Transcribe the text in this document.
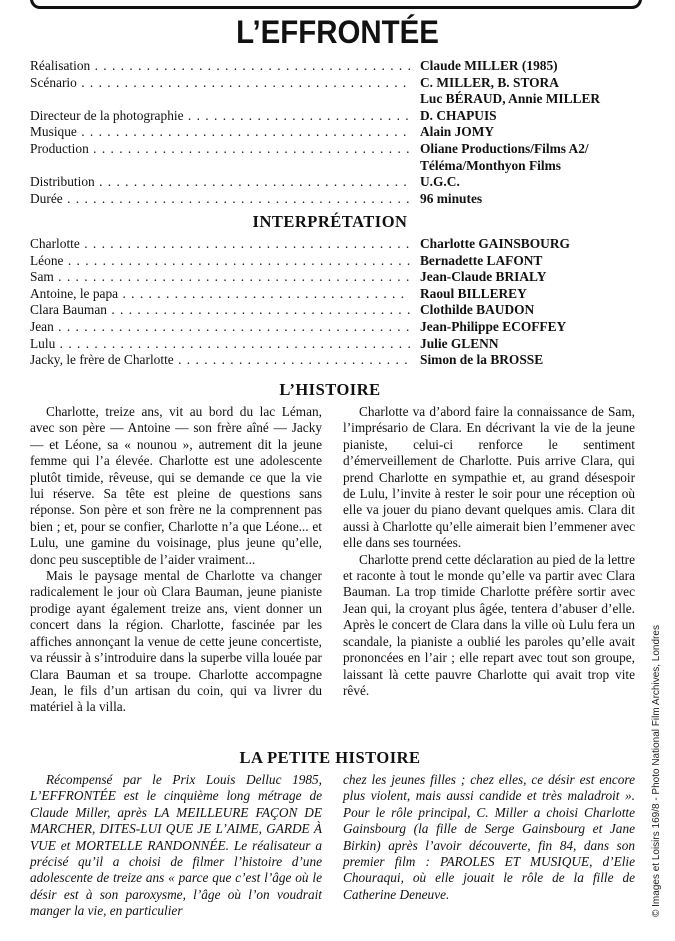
L’EFFRONTÉE
Réalisation . . .	Claude MILLER (1985)
Scénario . . .	C. MILLER, B. STORA
Luc BÉRAUD, Annie MILLER
Directeur de la photographie . . .	D. CHAPUIS
Musique . . .	Alain JOMY
Production . . .	Oliane Productions/Films A2/
Téléma/Monthyon Films
Distribution . . .	U.G.C.
Durée . . .	96 minutes
INTERPRÉTATION
Charlotte . . .	Charlotte GAINSBOURG
Léone . . .	Bernadette LAFONT
Sam . . .	Jean-Claude BRIALY
Antoine, le papa . . .	Raoul BILLEREY
Clara Bauman . . .	Clothilde BAUDON
Jean . . .	Jean-Philippe ECOFFEY
Lulu . . .	Julie GLENN
Jacky, le frère de Charlotte . . .	Simon de la BROSSE
L’HISTOIRE

Charlotte, treize ans, vit au bord du lac Léman, avec son père — Antoine — son frère aîné — Jacky — et Léone, sa « nounou », autrement dit la jeune femme qui l’a élevée. Charlotte est une adolescente plutôt timide, rêveuse, qui se demande ce que la vie lui réserve. Sa tête est pleine de questions sans réponse. Son père et son frère ne la comprennent pas bien ; et, pour se confier, Charlotte n’a que Léone... et Lulu, une gamine du voisinage, plus jeune qu’elle, donc peu susceptible de l’aider vraiment...

Mais le paysage mental de Charlotte va changer radicalement le jour où Clara Bauman, jeune pianiste prodige ayant également treize ans, vient donner un concert dans la région. Charlotte, fascinée par les affiches annonçant la venue de cette jeune concertiste, va réussir à s’introduire dans la superbe villa louée par Clara Bauman et sa troupe. Charlotte accompagne Jean, le fils d’un artisan du coin, qui va livrer du matériel à la villa.

Charlotte va d’abord faire la connaissance de Sam, l’imprésario de Clara. En décrivant la vie de la jeune pianiste, celui-ci renforce le sentiment d’émerveillement de Charlotte. Puis arrive Clara, qui prend Charlotte en sympathie et, au grand désespoir de Lulu, l’invite à rester le soir pour une réception où elle va jouer du piano devant quelques amis. Clara dit aussi à Charlotte qu’elle aimerait bien l’emmener avec elle dans ses tournées.

Charlotte prend cette déclaration au pied de la lettre et raconte à tout le monde qu’elle va partir avec Clara Bauman. La trop timide Charlotte préfère sortir avec Jean qui, la croyant plus âgée, tentera d’abuser d’elle. Après le concert de Clara dans la ville où Lulu fera un scandale, la pianiste a oublié les paroles qu’elle avait prononcées en l’air ; elle repart avec tout son groupe, laissant là cette pauvre Charlotte qui avait trop vite rêvé.

LA PETITE HISTOIRE

Récompensé par le Prix Louis Delluc 1985, L’EFFRONTÉE est le cinquième long métrage de Claude Miller, après LA MEILLEURE FAÇON DE MARCHER, DITES-LUI QUE JE L’AIME, GARDE À VUE et MORTELLE RANDONNÉE. Le réalisateur a précisé qu’il a choisi de filmer l’histoire d’une adolescente de treize ans « parce que c’est l’âge où le désir est à son paroxysme, l’âge où l’on voudrait manger la vie, en particulier

chez les jeunes filles ; chez elles, ce désir est encore plus violent, mais aussi candide et très maladroit ». Pour le rôle principal, C. Miller a choisi Charlotte Gainsbourg (la fille de Serge Gainsbourg et Jane Birkin) après l’avoir découverte, fin 84, dans son premier film : PAROLES ET MUSIQUE, d’Elie Chouraqui, où elle jouait le rôle de la fille de Catherine Deneuve.	© Images et Loisirs 169/8 - Photo National Film Archives, Londres
